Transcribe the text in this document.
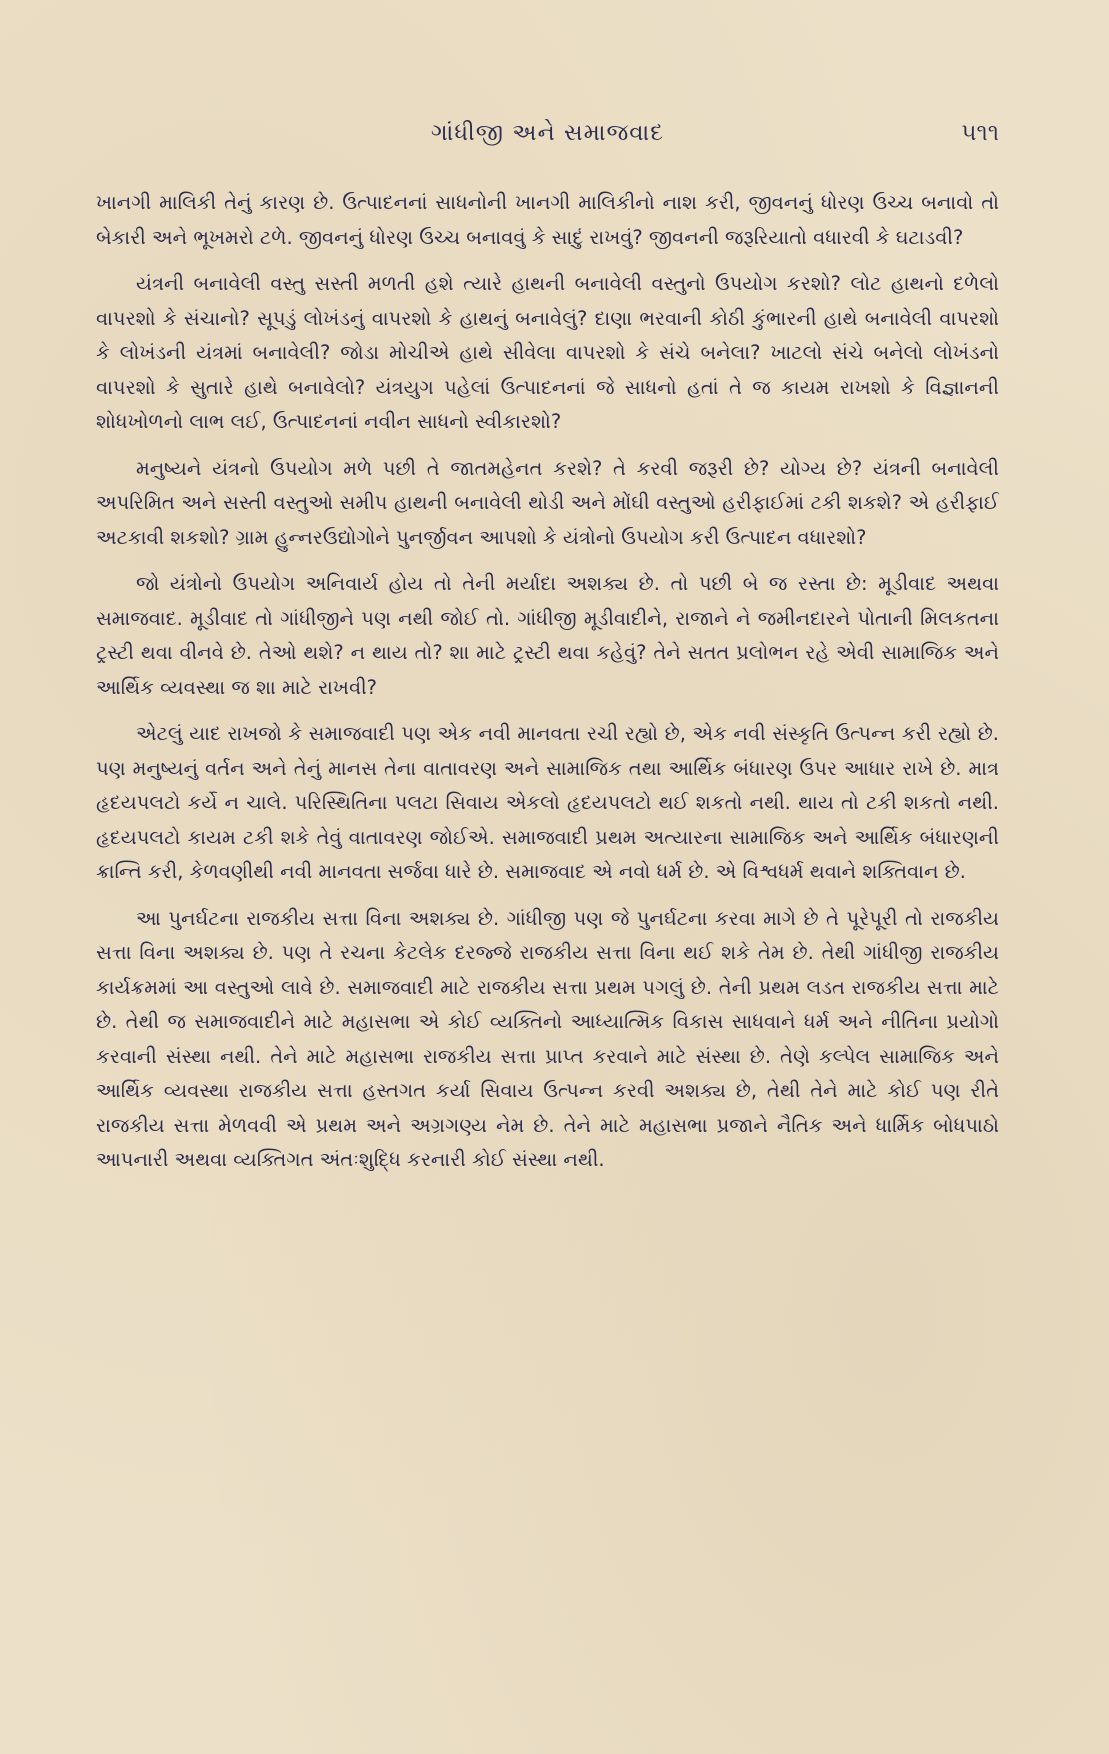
ગાંધીજી અને સમાજવાદ	૫૧૧

ખાનગી માલિકી તેનું કારણ છે. ઉત્પાદનનાં સાધનોની ખાનગી માલિકીનો નાશ કરી, જીવનનું ધોરણ ઉચ્ચ બનાવો તો બેકારી અને ભૂખમરો ટળે. જીવનનું ધોરણ ઉચ્ચ બનાવવું કે સાદું રાખવું? જીવનની જરૂરિયાતો વધારવી કે ઘટાડવી?

યંત્રની બનાવેલી વસ્તુ સસ્તી મળતી હશે ત્યારે હાથની બનાવેલી વસ્તુનો ઉપયોગ કરશો? લોટ હાથનો દળેલો વાપરશો કે સંચાનો? સૂપડું લોખંડનું વાપરશો કે હાથનું બનાવેલું? દાણા ભરવાની કોઠી કુંભારની હાથે બનાવેલી વાપરશો કે લોખંડની યંત્રમાં બનાવેલી? જોડા મોચીએ હાથે સીવેલા વાપરશો કે સંચે બનેલા? ખાટલો સંચે બનેલો લોખંડનો વાપરશો કે સુતારે હાથે બનાવેલો? યંત્રયુગ પહેલાં ઉત્પાદનનાં જે સાધનો હતાં તે જ કાયમ રાખશો કે વિજ્ઞાનની શોધખોળનો લાભ લઈ, ઉત્પાદનનાં નવીન સાધનો સ્વીકારશો?

મનુષ્યને યંત્રનો ઉપયોગ મળે પછી તે જાતમહેનત કરશે? તે કરવી જરૂરી છે? યોગ્ય છે? યંત્રની બનાવેલી અપરિમિત અને સસ્તી વસ્તુઓ સમીપ હાથની બનાવેલી થોડી અને મોંઘી વસ્તુઓ હરીફાઈમાં ટકી શકશે? એ હરીફાઈ અટકાવી શકશો? ગ્રામ હુન્નરઉદ્યોગોને પુનર્જીવન આપશો કે યંત્રોનો ઉપયોગ કરી ઉત્પાદન વધારશો?

જો યંત્રોનો ઉપયોગ અનિવાર્ય હોય તો તેની મર્યાદા અશક્ય છે. તો પછી બે જ રસ્તા છે: મૂડીવાદ અથવા સમાજવાદ. મૂડીવાદ તો ગાંધીજીને પણ નથી જોઈ તો. ગાંધીજી મૂડીવાદીને, રાજાને ને જમીનદારને પોતાની મિલકતના ટ્રસ્ટી થવા વીનવે છે. તેઓ થશે? ન થાય તો? શા માટે ટ્રસ્ટી થવા કહેવું? તેને સતત પ્રલોભન રહે એવી સામાજિક અને આર્થિક વ્યવસ્થા જ શા માટે રાખવી?

એટલું યાદ રાખજો કે સમાજવાદી પણ એક નવી માનવતા રચી રહ્યો છે, એક નવી સંસ્કૃતિ ઉત્પન્ન કરી રહ્યો છે. પણ મનુષ્યનું વર્તન અને તેનું માનસ તેના વાતાવરણ અને સામાજિક તથા આર્થિક બંધારણ ઉપર આધાર રાખે છે. માત્ર હૃદયપલટો કર્યે ન ચાલે. પરિસ્થિતિના પલટા સિવાય એકલો હૃદયપલટો થઈ શકતો નથી. થાય તો ટકી શકતો નથી. હૃદયપલટો કાયમ ટકી શકે તેવું વાતાવરણ જોઈએ. સમાજવાદી પ્રથમ અત્યારના સામાજિક અને આર્થિક બંધારણની ક્રાન્તિ કરી, કેળવણીથી નવી માનવતા સર્જવા ધારે છે. સમાજવાદ એ નવો ધર્મ છે. એ વિશ્વધર્મ થવાને શક્તિવાન છે.

આ પુનર્ઘટના રાજકીય સત્તા વિના અશક્ય છે. ગાંધીજી પણ જે પુનર્ઘટના કરવા માગે છે તે પૂરેપૂરી તો રાજકીય સત્તા વિના અશક્ય છે. પણ તે રચના કેટલેક દરજ્જે રાજકીય સત્તા વિના થઈ શકે તેમ છે. તેથી ગાંધીજી રાજકીય કાર્યક્રમમાં આ વસ્તુઓ લાવે છે. સમાજવાદી માટે રાજકીય સત્તા પ્રથમ પગલું છે. તેની પ્રથમ લડત રાજકીય સત્તા માટે છે. તેથી જ સમાજવાદીને માટે મહાસભા એ કોઈ વ્યક્તિનો આધ્યાત્મિક વિકાસ સાધવાને ધર્મ અને નીતિના પ્રયોગો કરવાની સંસ્થા નથી. તેને માટે મહાસભા રાજકીય સત્તા પ્રાપ્ત કરવાને માટે સંસ્થા છે. તેણે કલ્પેલ સામાજિક અને આર્થિક વ્યવસ્થા રાજકીય સત્તા હસ્તગત કર્યા સિવાય ઉત્પન્ન કરવી અશક્ય છે, તેથી તેને માટે કોઈ પણ રીતે રાજકીય સત્તા મેળવવી એ પ્રથમ અને અગ્રગણ્ય નેમ છે. તેને માટે મહાસભા પ્રજાને નૈતિક અને ધાર્મિક બોધપાઠો આપનારી અથવા વ્યક્તિગત અંતઃશુદ્ધિ કરનારી કોઈ સંસ્થા નથી.
